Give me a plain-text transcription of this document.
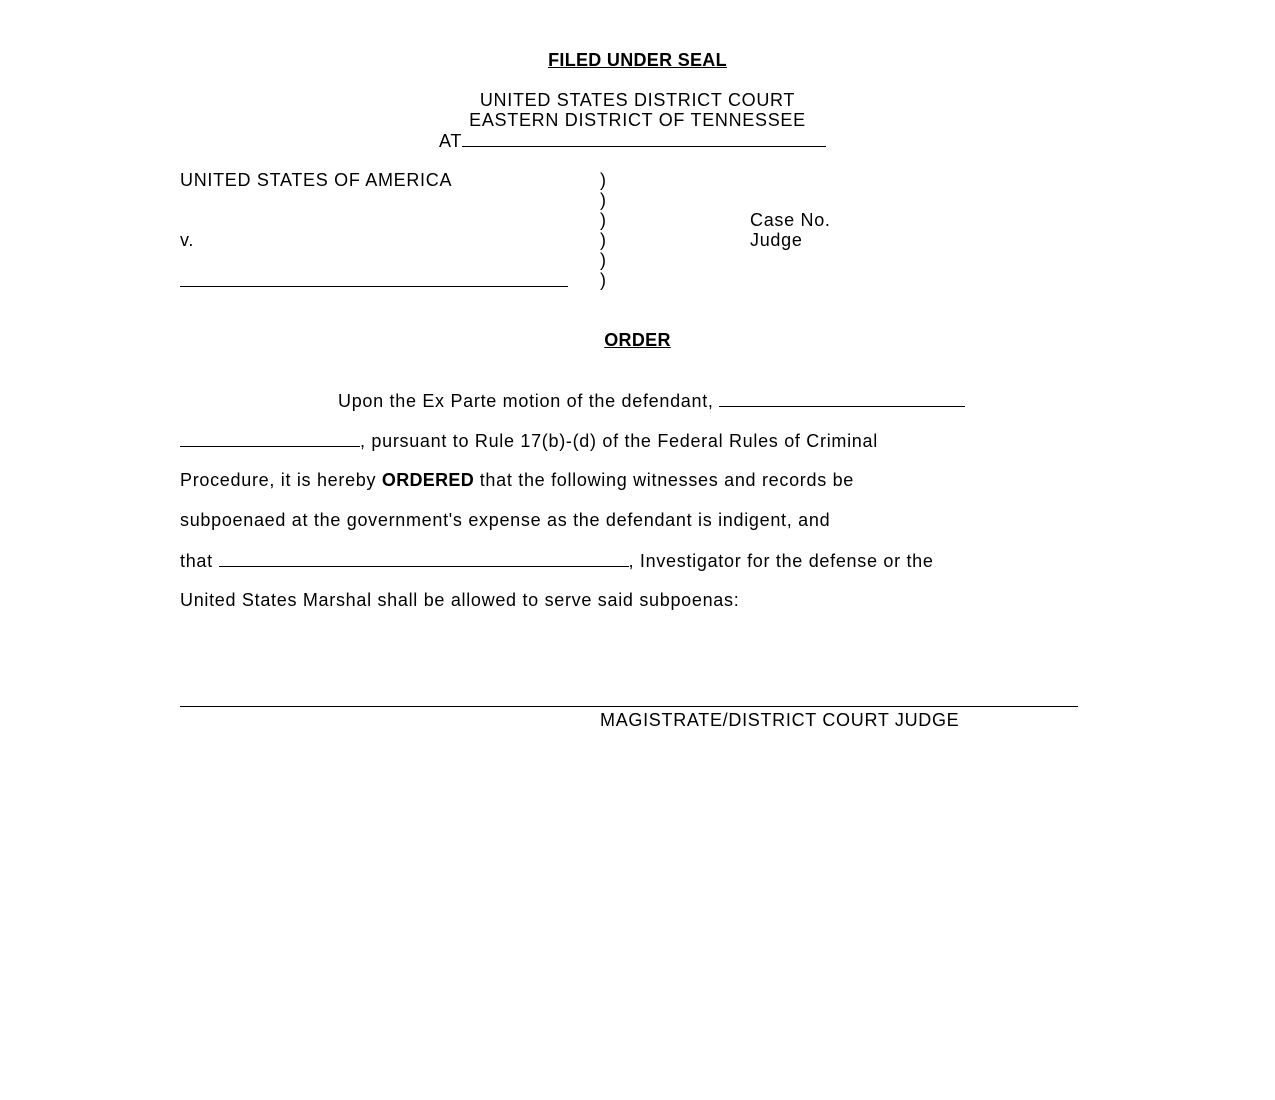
FILED UNDER SEAL
UNITED STATES DISTRICT COURT
EASTERN DISTRICT OF TENNESSEE
AT
UNITED STATES OF AMERICA
v.
)
)
)
)
)
)
Case No.
Judge
ORDER
Upon the Ex Parte motion of the defendant,
, pursuant to Rule 17(b)-(d) of the Federal Rules of Criminal
Procedure, it is hereby ORDERED that the following witnesses and records be
subpoenaed at the government's expense as the defendant is indigent, and
that	, Investigator for the defense or the
United States Marshal shall be allowed to serve said subpoenas:
MAGISTRATE/DISTRICT COURT JUDGE
